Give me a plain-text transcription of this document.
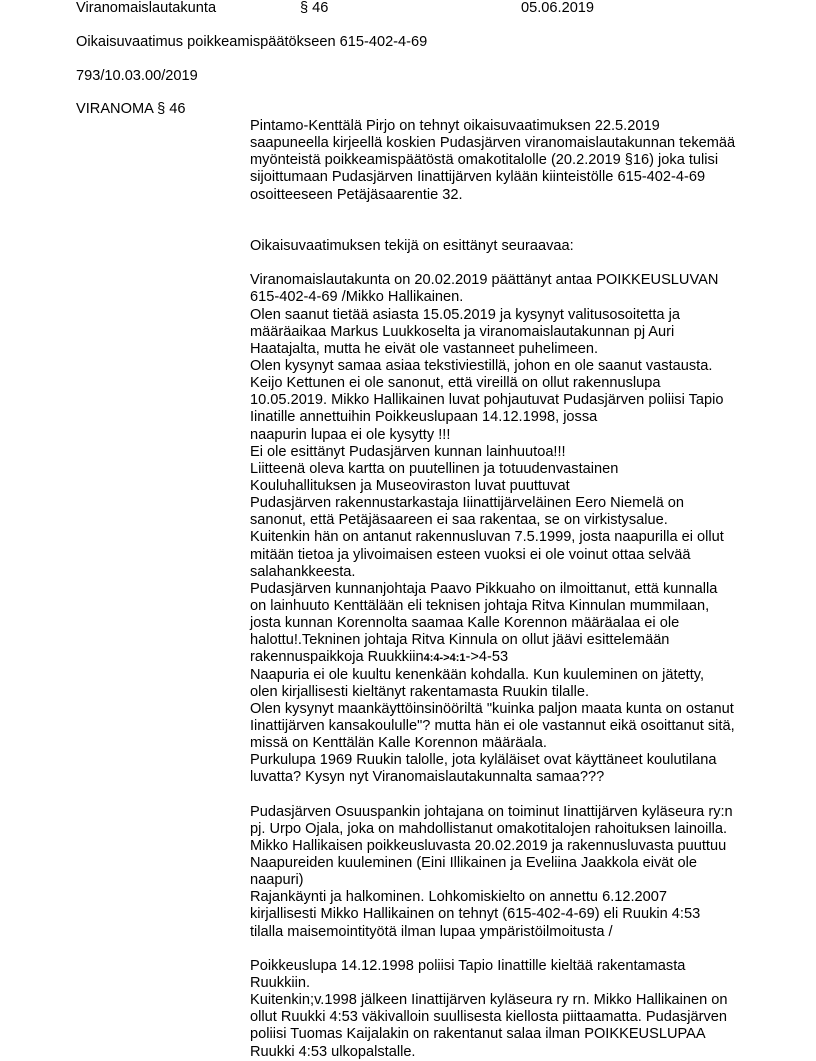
Viranomaislautakunta	§ 46	05.06.2019
Oikaisuvaatimus poikkeamispäätökseen 615-402-4-69
793/10.03.00/2019
VIRANOMA § 46
Pintamo-Kenttälä Pirjo on tehnyt oikaisuvaatimuksen 22.5.2019
saapuneella kirjeellä koskien Pudasjärven viranomaislautakunnan tekemää
myönteistä poikkeamispäätöstä omakotitalolle (20.2.2019 §16) joka tulisi
sijoittumaan Pudasjärven Iinattijärven kylään kiinteistölle 615-402-4-69
osoitteeseen Petäjäsaarentie 32.
Oikaisuvaatimuksen tekijä on esittänyt seuraavaa:
Viranomaislautakunta on 20.02.2019 päättänyt antaa POIKKEUSLUVAN
615-402-4-69 /Mikko Hallikainen.
Olen saanut tietää asiasta 15.05.2019 ja kysynyt valitusosoitetta ja
määräaikaa Markus Luukkoselta ja viranomaislautakunnan pj Auri
Haatajalta, mutta he eivät ole vastanneet puhelimeen.
Olen kysynyt samaa asiaa tekstiviestillä, johon en ole saanut vastausta.
Keijo Kettunen ei ole sanonut, että vireillä on ollut rakennuslupa
10.05.2019. Mikko Hallikainen luvat pohjautuvat Pudasjärven poliisi Tapio
Iinatille annettuihin Poikkeuslupaan 14.12.1998, jossa
naapurin lupaa ei ole kysytty !!!
Ei ole esittänyt Pudasjärven kunnan lainhuutoa!!!
Liitteenä oleva kartta on puutellinen ja totuudenvastainen
Kouluhallituksen ja Museoviraston luvat puuttuvat
Pudasjärven rakennustarkastaja Iiinattijärveläinen Eero Niemelä on
sanonut, että Petäjäsaareen ei saa rakentaa, se on virkistysalue.
Kuitenkin hän on antanut rakennusluvan 7.5.1999, josta naapurilla ei ollut
mitään tietoa ja ylivoimaisen esteen vuoksi ei ole voinut ottaa selvää
salahankkeesta.
Pudasjärven kunnanjohtaja Paavo Pikkuaho on ilmoittanut, että kunnalla
on lainhuuto Kenttälään eli teknisen johtaja Ritva Kinnulan mummilaan,
josta kunnan Korennolta saamaa Kalle Korennon määräalaa ei ole
halottu!.Tekninen johtaja Ritva Kinnula on ollut jäävi esittelemään
rakennuspaikkoja Ruukkiin4:4->4:1->4-53
Naapuria ei ole kuultu kenenkään kohdalla. Kun kuuleminen on jätetty,
olen kirjallisesti kieltänyt rakentamasta Ruukin tilalle.
Olen kysynyt maankäyttöinsinööriltä "kuinka paljon maata kunta on ostanut
Iinattijärven kansakoululle"? mutta hän ei ole vastannut eikä osoittanut sitä,
missä on Kenttälän Kalle Korennon määräala.
Purkulupa 1969 Ruukin talolle, jota kyläläiset ovat käyttäneet koulutilana
luvatta? Kysyn nyt Viranomaislautakunnalta samaa???
Pudasjärven Osuuspankin johtajana on toiminut Iinattijärven kyläseura ry:n
pj. Urpo Ojala, joka on mahdollistanut omakotitalojen rahoituksen lainoilla.
Mikko Hallikaisen poikkeusluvasta 20.02.2019 ja rakennusluvasta puuttuu
Naapureiden kuuleminen (Eini Illikainen ja Eveliina Jaakkola eivät ole
naapuri)
Rajankäynti ja halkominen. Lohkomiskielto on annettu 6.12.2007
kirjallisesti Mikko Hallikainen on tehnyt (615-402-4-69) eli Ruukin 4:53
tilalla maisemointityötä ilman lupaa ympäristöilmoitusta /
Poikkeuslupa 14.12.1998 poliisi Tapio Iinattille kieltää rakentamasta
Ruukkiin.
Kuitenkin;v.1998 jälkeen Iinattijärven kyläseura ry rn. Mikko Hallikainen on
ollut Ruukki 4:53 väkivalloin suullisesta kiellosta piittaamatta. Pudasjärven
poliisi Tuomas Kaijalakin on rakentanut salaa ilman POIKKEUSLUPAA
Ruukki 4:53 ulkopalstalle.
